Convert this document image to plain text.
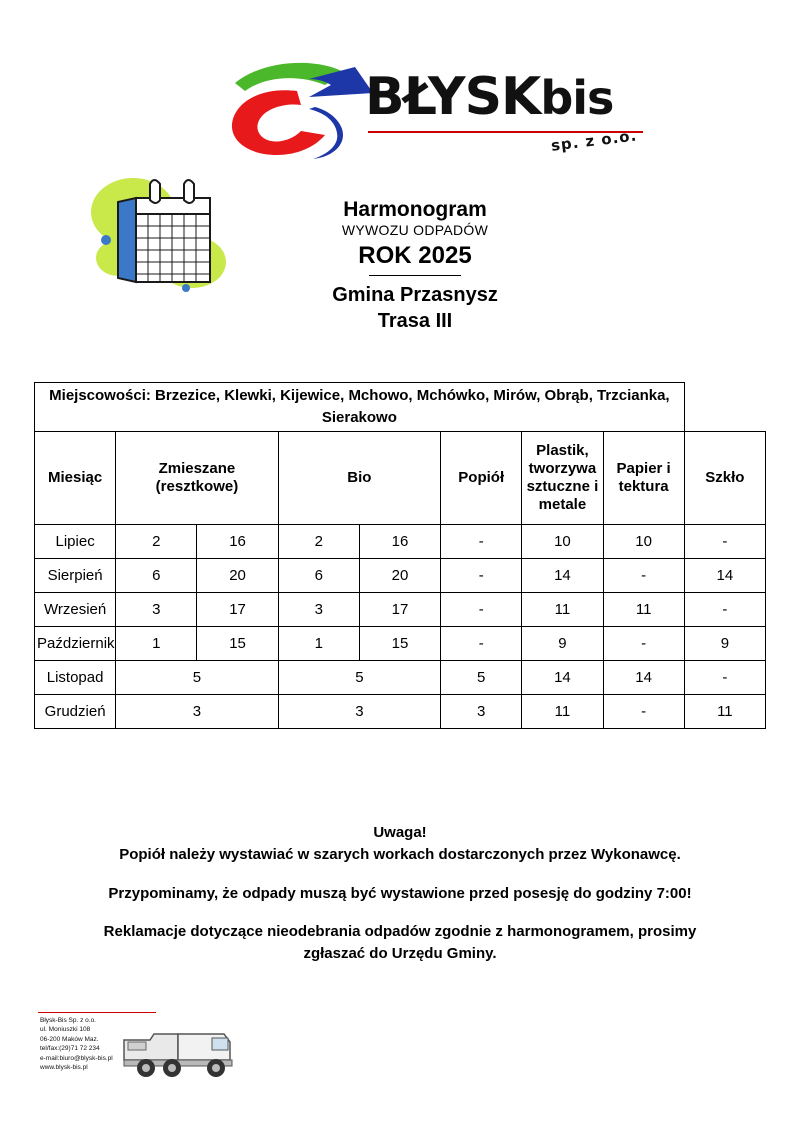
BŁYSKbis
sp. z o.o.
Harmonogram
WYWOZU ODPADÓW
ROK 2025
Gmina Przasnysz
Trasa III
Miejscowości: Brzezice, Klewki, Kijewice, Mchowo, Mchówko, Mirów, Obrąb, Trzcianka, Sierakowo								
Miesiąc	Zmieszane (resztkowe)		Bio		Popiół	Plastik, tworzywa sztuczne i metale	Papier i tektura	Szkło
Lipiec	2	16	2	16	-	10	10	-
Sierpień	6	20	6	20	-	14	-	14
Wrzesień	3	17	3	17	-	11	11	-
Październik	1	15	1	15	-	9	-	9
Listopad	5		5		5	14	14	-
Grudzień	3		3		3	11	-	11
Uwaga!
Popiół należy wystawiać w szarych workach dostarczonych przez Wykonawcę.
Przypominamy, że odpady muszą być wystawione przed posesję do godziny 7:00!
Reklamacje dotyczące nieodebrania odpadów zgodnie z harmonogramem, prosimy
zgłaszać do Urzędu Gminy.
Błysk-Bis Sp. z o.o.
ul. Moniuszki 108
06-200 Maków Maz.
tel/fax:(29)71 72 234
e-mail:biuro@blysk-bis.pl
www.blysk-bis.pl
